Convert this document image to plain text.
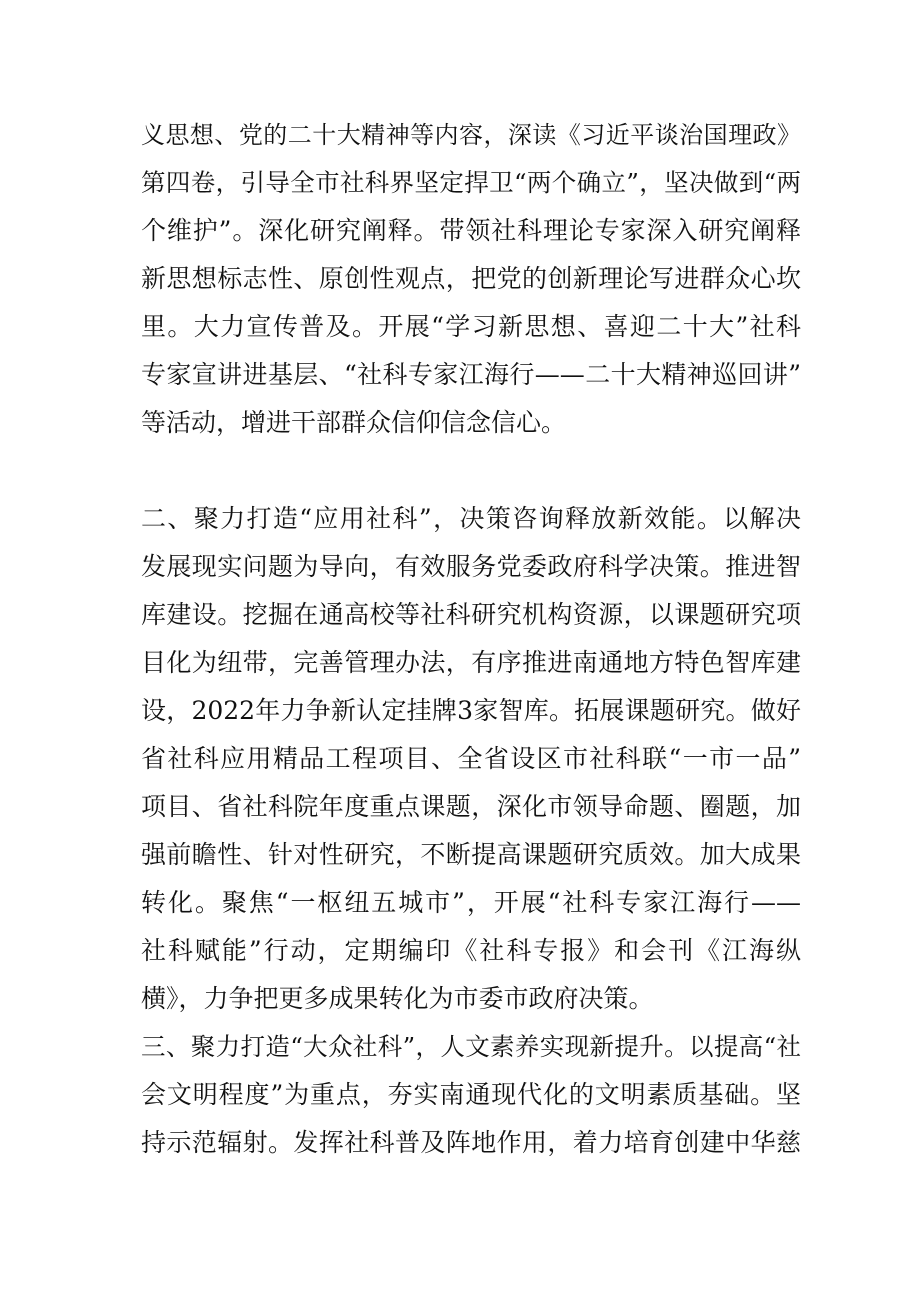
义思想、党的二十大精神等内容，深读《习近平谈治国理政》
第四卷，引导全市社科界坚定捍卫“两个确立”，坚决做到“两
个维护”。深化研究阐释。带领社科理论专家深入研究阐释
新思想标志性、原创性观点，把党的创新理论写进群众心坎
里。大力宣传普及。开展“学习新思想、喜迎二十大”社科
专家宣讲进基层、“社科专家江海行——二十大精神巡回讲”
等活动，增进干部群众信仰信念信心。
二、聚力打造“应用社科”，决策咨询释放新效能。以解决
发展现实问题为导向，有效服务党委政府科学决策。推进智
库建设。挖掘在通高校等社科研究机构资源，以课题研究项
目化为纽带，完善管理办法，有序推进南通地方特色智库建
设，2022年力争新认定挂牌3家智库。拓展课题研究。做好
省社科应用精品工程项目、全省设区市社科联“一市一品”
项目、省社科院年度重点课题，深化市领导命题、圈题，加
强前瞻性、针对性研究，不断提高课题研究质效。加大成果
转化。聚焦“一枢纽五城市”，开展“社科专家江海行——
社科赋能”行动，定期编印《社科专报》和会刊《江海纵
横》，力争把更多成果转化为市委市政府决策。
三、聚力打造“大众社科”，人文素养实现新提升。以提高“社
会文明程度”为重点，夯实南通现代化的文明素质基础。坚
持示范辐射。发挥社科普及阵地作用，着力培育创建中华慈
